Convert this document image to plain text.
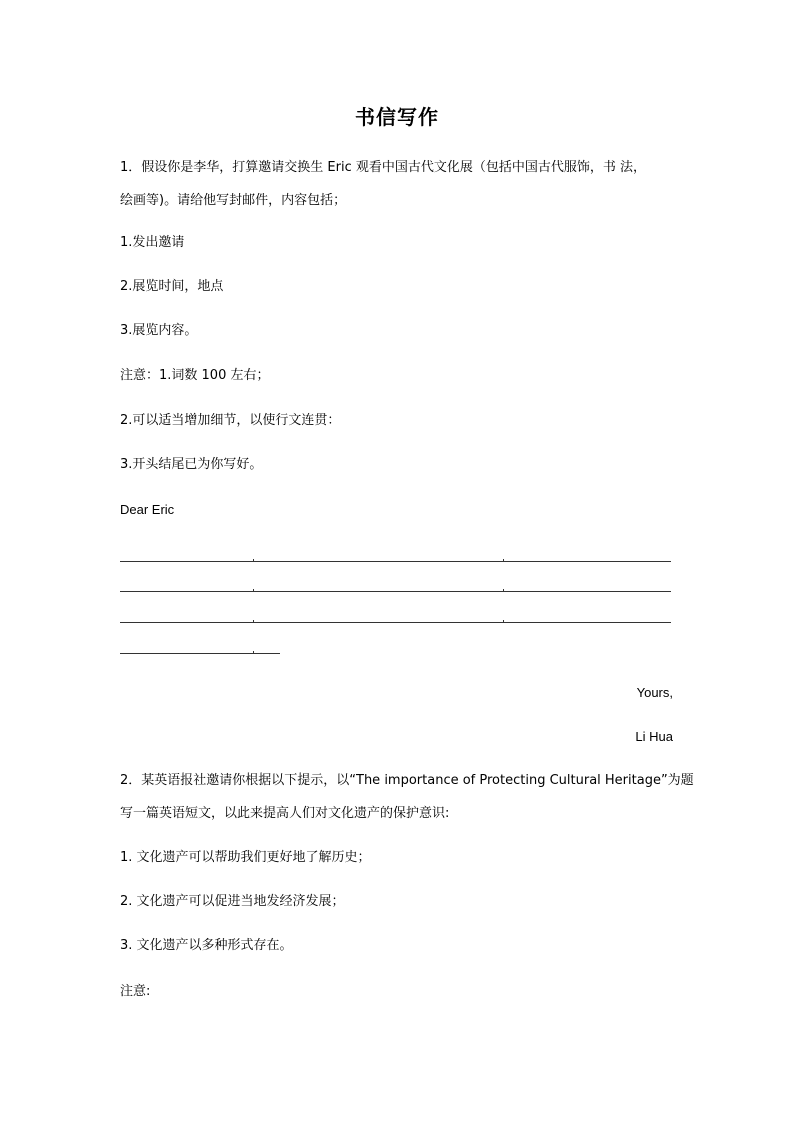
书信写作
1．假设你是李华，打算邀请交换生 Eric 观看中国古代文化展（包括中国古代服饰，书 法，
绘画等)。请给他写封邮件，内容包括；
1.发出邀请
2.展览时间，地点
3.展览内容。
注意：1.词数 100 左右；
2.可以适当增加细节，以使行文连贯：
3.开头结尾已为你写好。
Dear Eric
Yours,
Li Hua
2．某英语报社邀请你根据以下提示，以“The importance of Protecting Cultural Heritage”为题
写一篇英语短文，以此来提高人们对文化遗产的保护意识:
1. 文化遗产可以帮助我们更好地了解历史；
2. 文化遗产可以促进当地发经济发展；
3. 文化遗产以多种形式存在。
注意:
